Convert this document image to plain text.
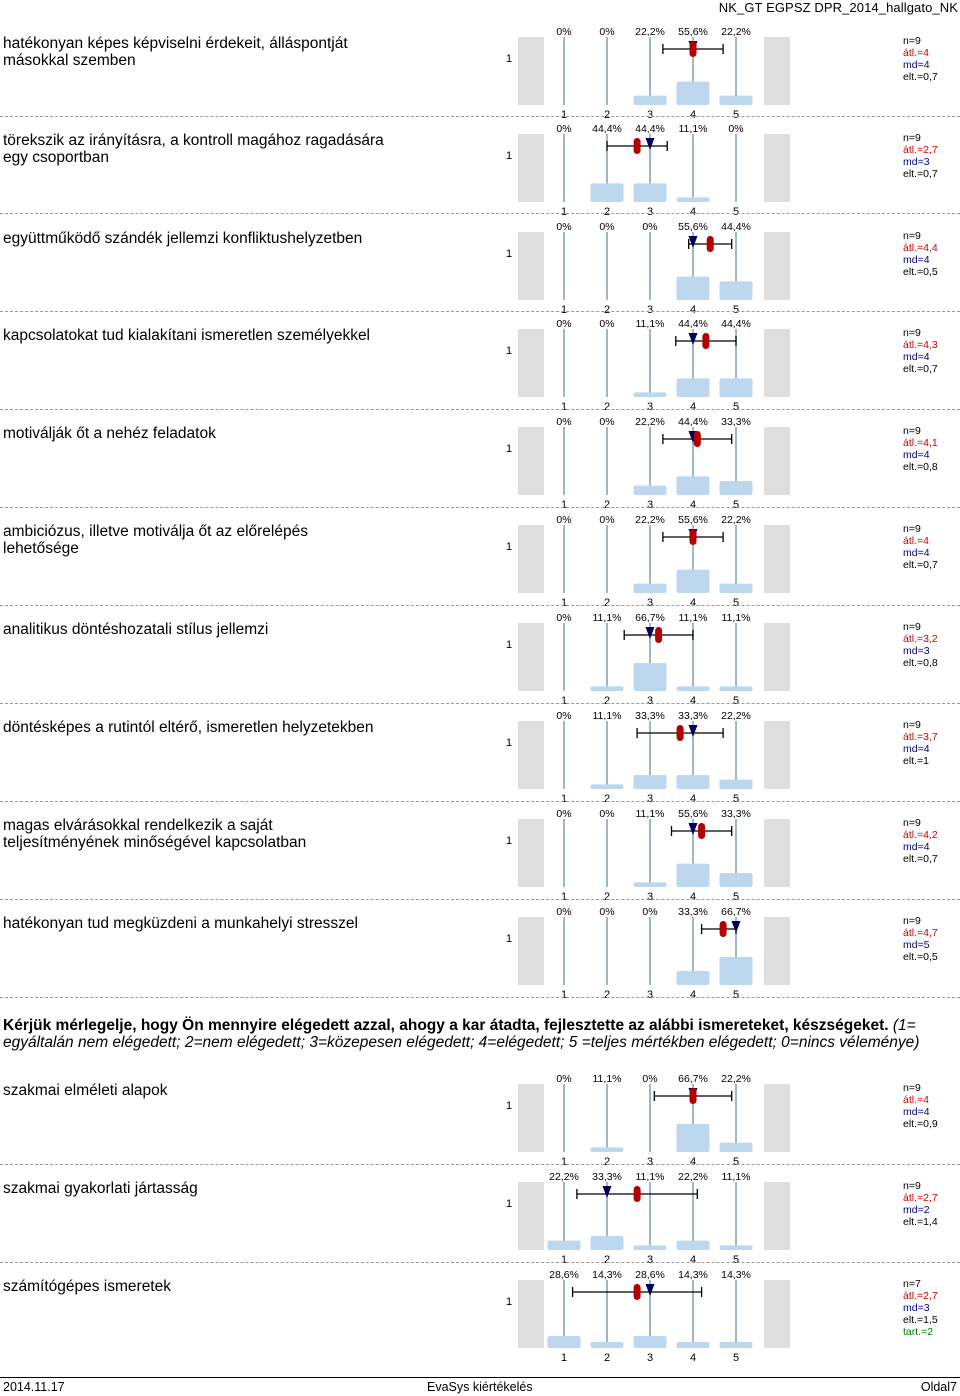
NK_GT EGPSZ DPR_2014_hallgato_NK
hatékonyan képes képviselni érdekeit, álláspontját másokkal szemben	1
0%	0% 22,2% 55,6% 22,2%
1	2	3	4	5
n=9
átl.=4
md=4
elt.=0,7
törekszik az irányításra, a kontroll magához ragadására egy csoportban	1
0% 44,4% 44,4% 11,1% 0%
1	2	3	4	5
n=9
átl.=2,7
md=3
elt.=0,7
együttműködő szándék jellemzi konfliktushelyzetben
1
0%	0%	0% 55,6% 44,4%
1	2	3	4	5
n=9
átl.=4,4
md=4
elt.=0,5
kapcsolatokat tud kialakítani ismeretlen személyekkel
1
0%	0% 11,1% 44,4% 44,4%
1	2	3	4	5
n=9
átl.=4,3
md=4
elt.=0,7
motiválják őt a nehéz feladatok
1
0%	0% 22,2% 44,4% 33,3%
1	2	3	4	5
n=9
átl.=4,1
md=4
elt.=0,8
ambiciózus, illetve motiválja őt az előrelépés lehetősége	1
0%	0% 22,2% 55,6% 22,2%
1	2	3	4	5
n=9
átl.=4
md=4
elt.=0,7
analitikus döntéshozatali stílus jellemzi
1
0% 11,1% 66,7% 11,1% 11,1%
1	2	3	4	5
n=9
átl.=3,2
md=3
elt.=0,8
döntésképes a rutintól eltérő, ismeretlen helyzetekben
1
0% 11,1% 33,3% 33,3% 22,2%
1	2	3	4	5
n=9
átl.=3,7
md=4
elt.=1
magas elvárásokkal rendelkezik a saját teljesítményének minőségével kapcsolatban	1
0%	0% 11,1% 55,6% 33,3%
1	2	3	4	5
n=9
átl.=4,2
md=4
elt.=0,7
hatékonyan tud megküzdeni a munkahelyi stresszel
1
0%	0%	0% 33,3% 66,7%
1	2	3	4	5
n=9
átl.=4,7
md=5
elt.=0,5
szakmai elméleti alapok
1
0% 11,1% 0% 66,7% 22,2%
1	2	3	4	5
n=9
átl.=4
md=4
elt.=0,9
szakmai gyakorlati jártasság
1
22,2% 33,3% 11,1% 22,2% 11,1%
1	2	3	4	5
n=9
átl.=2,7
md=2
elt.=1,4
számítógépes ismeretek
1
28,6% 14,3% 28,6% 14,3% 14,3%
1	2	3	4	5
n=7
átl.=2,7
md=3
elt.=1,5
tart.=2
Kérjük mérlegelje, hogy Ön mennyire elégedett azzal, ahogy a kar átadta, fejlesztette az alábbi ismereteket, készségeket. (1= egyáltalán nem elégedett; 2=nem elégedett; 3=közepesen elégedett; 4=elégedett; 5 =teljes mértékben elégedett; 0=nincs véleménye)
2014.11.17	EvaSys kiértékelés	Oldal7
